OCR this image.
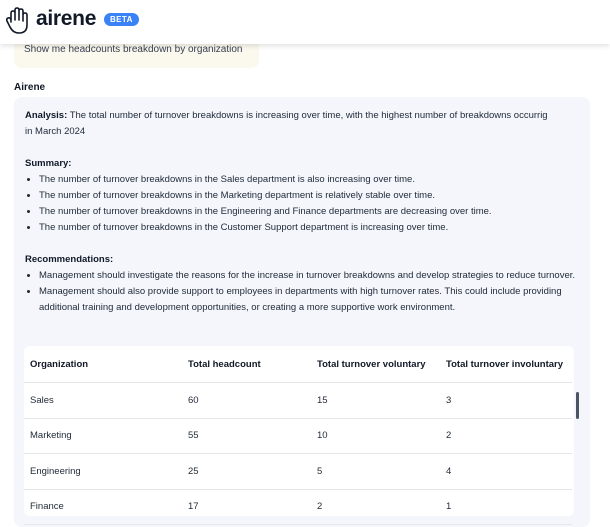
airene	BETA
Show me headcounts breakdown by organization
Airene
Analysis: The total number of turnover breakdowns is increasing over time, with the highest number of breakdowns occurrig
in March 2024
Summary:
• The number of turnover breakdowns in the Sales department is also increasing over time.
• The number of turnover breakdowns in the Marketing department is relatively stable over time.
• The number of turnover breakdowns in the Engineering and Finance departments are decreasing over time.
• The number of turnover breakdowns in the Customer Support department is increasing over time.
Recommendations:
• Management should investigate the reasons for the increase in turnover breakdowns and develop strategies to reduce turnover.
• Management should also provide support to employees in departments with high turnover rates. This could include providing additional training and development opportunities, or creating a more supportive work environment.
Organization	Total headcount	Total turnover voluntary	Total turnover involuntary
Sales	60	15	3
Marketing	55	10	2
Engineering	25	5	4
Finance	17	2	1
